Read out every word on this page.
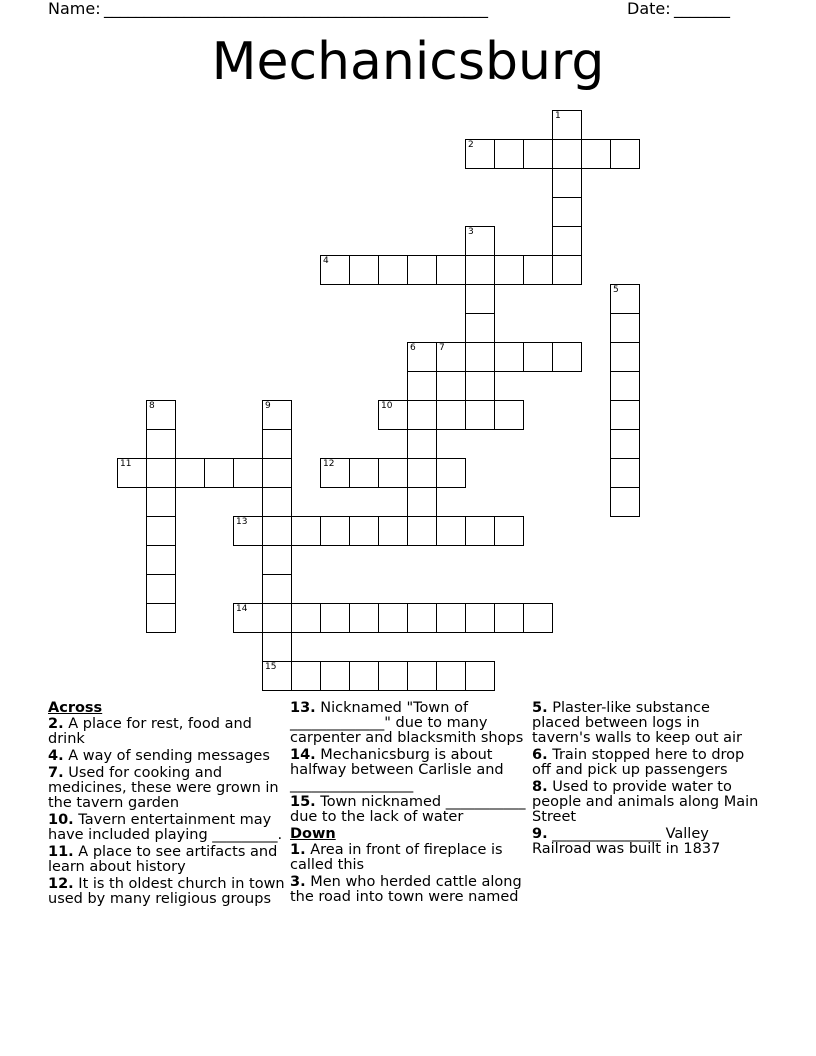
Name: ________________________________________________	Date: _______
Mechanicsburg
1
2
3
4
5
6	7
8	9	10
11	12
13
14
15
Across
2. A place for rest, food and drink
4. A way of sending messages
7. Used for cooking and medicines, these were grown in the tavern garden
10. Tavern entertainment may have included playing _________.
11. A place to see artifacts and learn about history
12. It is th oldest church in town used by many religious groups
13. Nicknamed "Town of _____________" due to many carpenter and blacksmith shops
14. Mechanicsburg is about halfway between Carlisle and _________________
15. Town nicknamed ___________ due to the lack of water
Down
1. Area in front of fireplace is called this
3. Men who herded cattle along the road into town were named
5. Plaster-like substance placed between logs in tavern's walls to keep out air
6. Train stopped here to drop off and pick up passengers
8. Used to provide water to people and animals along Main Street
9. _______________ Valley Railroad was built in 1837
